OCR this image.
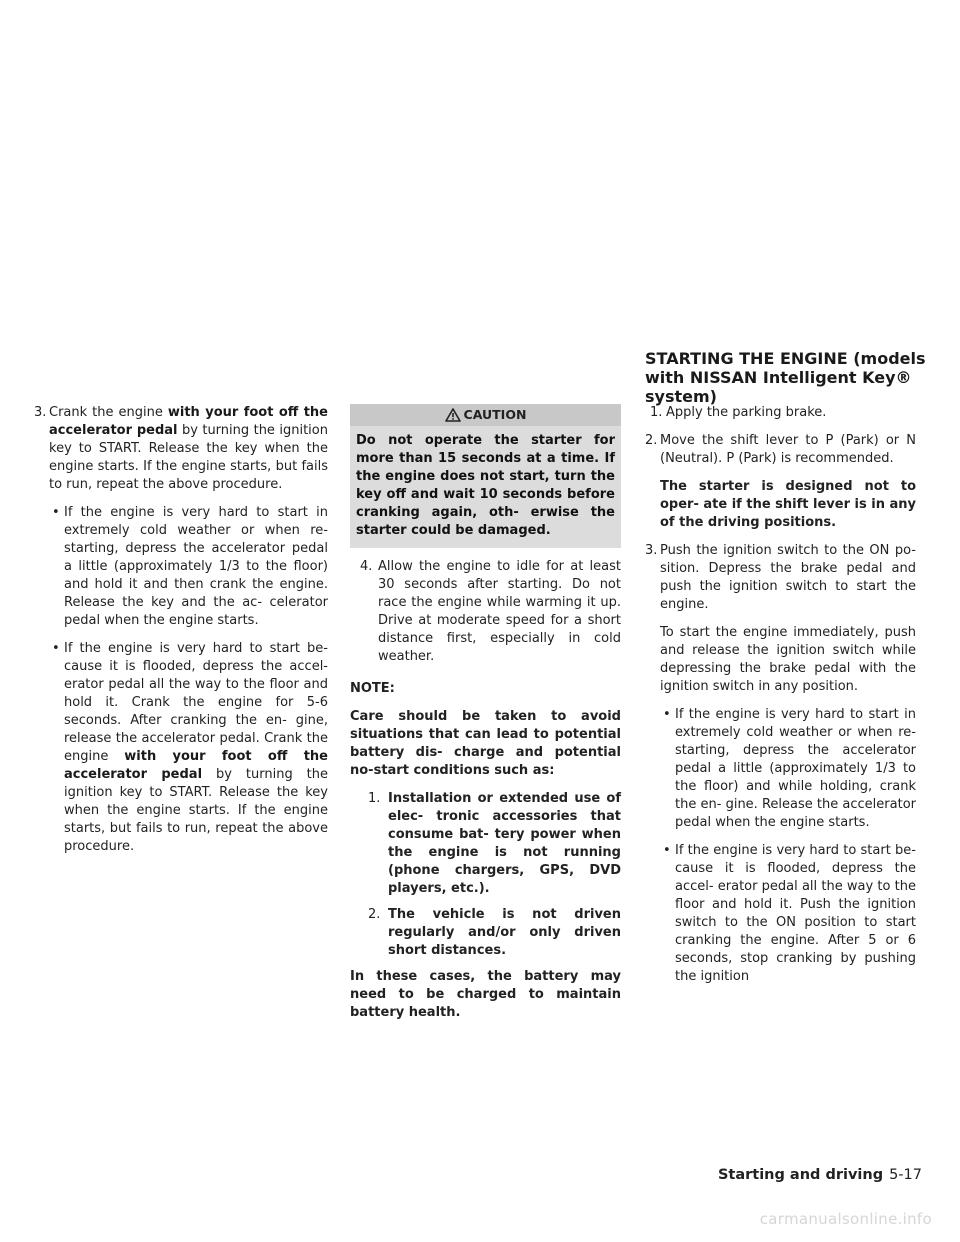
STARTING THE ENGINE (models with NISSAN Intelligent Key® system)
3. Crank the engine with your foot off the accelerator pedal by turning the ignition key to START. Release the key when the engine starts. If the engine starts, but fails to run, repeat the above procedure.
• If the engine is very hard to start in extremely cold weather or when re- starting, depress the accelerator pedal a little (approximately 1/3 to the floor) and hold it and then crank the engine. Release the key and the ac- celerator pedal when the engine starts.
• If the engine is very hard to start be- cause it is flooded, depress the accel- erator pedal all the way to the floor and hold it. Crank the engine for 5-6 seconds. After cranking the en- gine, release the accelerator pedal. Crank the engine with your foot off the accelerator pedal by turning the ignition key to START. Release the key when the engine starts. If the engine starts, but fails to run, repeat the above procedure.
CAUTION
Do not operate the starter for more than 15 seconds at a time. If the engine does not start, turn the key off and wait 10 seconds before cranking again, oth- erwise the starter could be damaged.
4. Allow the engine to idle for at least 30 seconds after starting. Do not race the engine while warming it up. Drive at moderate speed for a short distance first, especially in cold weather.
NOTE:
Care should be taken to avoid situations that can lead to potential battery dis- charge and potential no-start conditions such as:
1. Installation or extended use of elec- tronic accessories that consume bat- tery power when the engine is not running (phone chargers, GPS, DVD players, etc.).
2. The vehicle is not driven regularly and/or only driven short distances.
In these cases, the battery may need to be charged to maintain battery health.
1. Apply the parking brake.
2. Move the shift lever to P (Park) or N (Neutral). P (Park) is recommended.
The starter is designed not to oper- ate if the shift lever is in any of the driving positions.
3. Push the ignition switch to the ON po- sition. Depress the brake pedal and push the ignition switch to start the engine.
To start the engine immediately, push and release the ignition switch while depressing the brake pedal with the ignition switch in any position.
• If the engine is very hard to start in extremely cold weather or when re- starting, depress the accelerator pedal a little (approximately 1/3 to the floor) and while holding, crank the en- gine. Release the accelerator pedal when the engine starts.
• If the engine is very hard to start be- cause it is flooded, depress the accel- erator pedal all the way to the floor and hold it. Push the ignition switch to the ON position to start cranking the engine. After 5 or 6 seconds, stop cranking by pushing the ignition
Starting and driving 5-17
carmanualsonline.info
